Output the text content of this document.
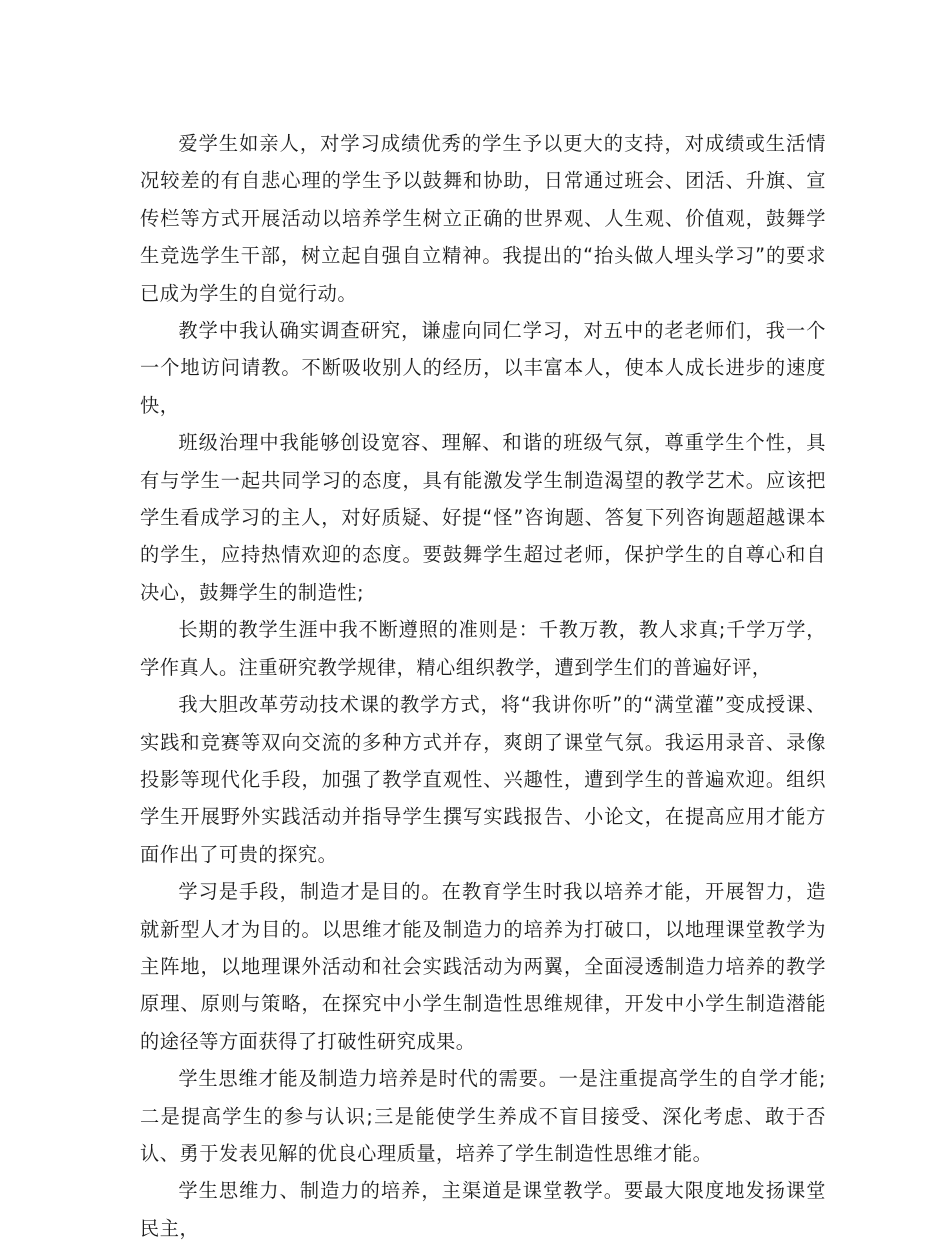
爱学生如亲人，对学习成绩优秀的学生予以更大的支持，对成绩或生活情况较差的有自悲心理的学生予以鼓舞和协助，日常通过班会、团活、升旗、宣传栏等方式开展活动以培养学生树立正确的世界观、人生观、价值观，鼓舞学生竞选学生干部，树立起自强自立精神。我提出的“抬头做人埋头学习”的要求已成为学生的自觉行动。

教学中我认确实调查研究，谦虚向同仁学习，对五中的老老师们，我一个一个地访问请教。不断吸收别人的经历，以丰富本人，使本人成长进步的速度快，

班级治理中我能够创设宽容、理解、和谐的班级气氛，尊重学生个性，具有与学生一起共同学习的态度，具有能激发学生制造渴望的教学艺术。应该把学生看成学习的主人，对好质疑、好提“怪”咨询题、答复下列咨询题超越课本的学生，应持热情欢迎的态度。要鼓舞学生超过老师，保护学生的自尊心和自决心，鼓舞学生的制造性;

长期的教学生涯中我不断遵照的准则是：千教万教，教人求真;千学万学，学作真人。注重研究教学规律，精心组织教学，遭到学生们的普遍好评，

我大胆改革劳动技术课的教学方式，将“我讲你听”的“满堂灌”变成授课、实践和竞赛等双向交流的多种方式并存，爽朗了课堂气氛。我运用录音、录像投影等现代化手段，加强了教学直观性、兴趣性，遭到学生的普遍欢迎。组织学生开展野外实践活动并指导学生撰写实践报告、小论文，在提高应用才能方面作出了可贵的探究。

学习是手段，制造才是目的。在教育学生时我以培养才能，开展智力，造就新型人才为目的。以思维才能及制造力的培养为打破口，以地理课堂教学为主阵地，以地理课外活动和社会实践活动为两翼，全面浸透制造力培养的教学原理、原则与策略，在探究中小学生制造性思维规律，开发中小学生制造潜能的途径等方面获得了打破性研究成果。

学生思维才能及制造力培养是时代的需要。一是注重提高学生的自学才能;二是提高学生的参与认识;三是能使学生养成不盲目接受、深化考虑、敢于否认、勇于发表见解的优良心理质量，培养了学生制造性思维才能。

学生思维力、制造力的培养，主渠道是课堂教学。要最大限度地发扬课堂民主，
